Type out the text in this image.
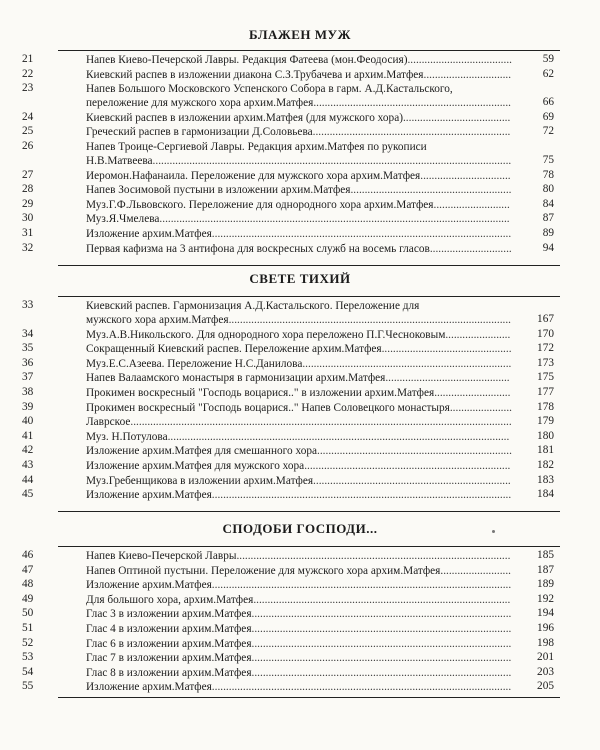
БЛАЖЕН МУЖ
21	Напев Киево-Печерской Лавры. Редакция Фатеева (мон.Феодосия).....................................	59
22	Киевский распев в изложении диакона С.З.Трубачева и архим.Матфея...............................	62
23	Напев Большого Московского Успенского Собора в гарм. А.Д.Кастальского,
переложение для мужского хора архим.Матфея......................................................................	66
24	Киевский распев в изложении архим.Матфея (для мужского хора)......................................	69
25	Греческий распев в гармонизации Д.Соловьева......................................................................	72
26	Напев Троице-Сергиевой Лавры. Редакция архим.Матфея по рукописи
Н.В.Матвеева...............................................................................................................................	75
27	Иеромон.Нафанаила. Переложение для мужского хора архим.Матфея................................	78
28	Напев Зосимовой пустыни в изложении архим.Матфея.........................................................	80
29	Муз.Г.Ф.Львовского. Переложение для однородного хора архим.Матфея...........................	84
30	Муз.Я.Чмелева............................................................................................................................	87
31	Изложение архим.Матфея..........................................................................................................	89
32	Первая кафизма на 3 антифона для воскресных служб на восемь гласов.............................	94
СВЕТЕ ТИХИЙ
33	Киевский распев. Гармонизация А.Д.Кастальского. Переложение для
мужского хора архим.Матфея....................................................................................................	167
34	Муз.А.В.Никольского. Для однородного хора переложено П.Г.Чесноковым.......................	170
35	Сокращенный Киевский распев. Переложение архим.Матфея..............................................	172
36	Муз.Е.С.Азеева. Переложение Н.С.Данилова..........................................................................	173
37	Напев Валаамского монастыря в гармонизации архим.Матфея............................................	175
38	Прокимен воскресный "Господь воцарися.." в изложении архим.Матфея...........................	177
39	Прокимен воскресный "Господь воцарися.." Напев Соловецкого монастыря......................	178
40	Лаврское.......................................................................................................................................	179
41	Муз. Н.Потулова.........................................................................................................................	180
42	Изложение архим.Матфея для смешанного хора.....................................................................	181
43	Изложение архим.Матфея для мужского хора.........................................................................	182
44	Муз.Гребенщикова в изложении архим.Матфея......................................................................	183
45	Изложение архим.Матфея..........................................................................................................	184
СПОДОБИ ГОСПОДИ...
46	Напев Киево-Печерской Лавры.................................................................................................	185
47	Напев Оптиной пустыни. Переложение для мужского хора архим.Матфея.........................	187
48	Изложение архим.Матфея..........................................................................................................	189
49	Для большого хора, архим.Матфея...........................................................................................	192
50	Глас 3 в изложении архим.Матфея............................................................................................	194
51	Глас 4 в изложении архим.Матфея............................................................................................	196
52	Глас 6 в изложении архим.Матфея............................................................................................	198
53	Глас 7 в изложении архим.Матфея............................................................................................	201
54	Глас 8 в изложении архим.Матфея............................................................................................	203
55	Изложение архим.Матфея..........................................................................................................	205
